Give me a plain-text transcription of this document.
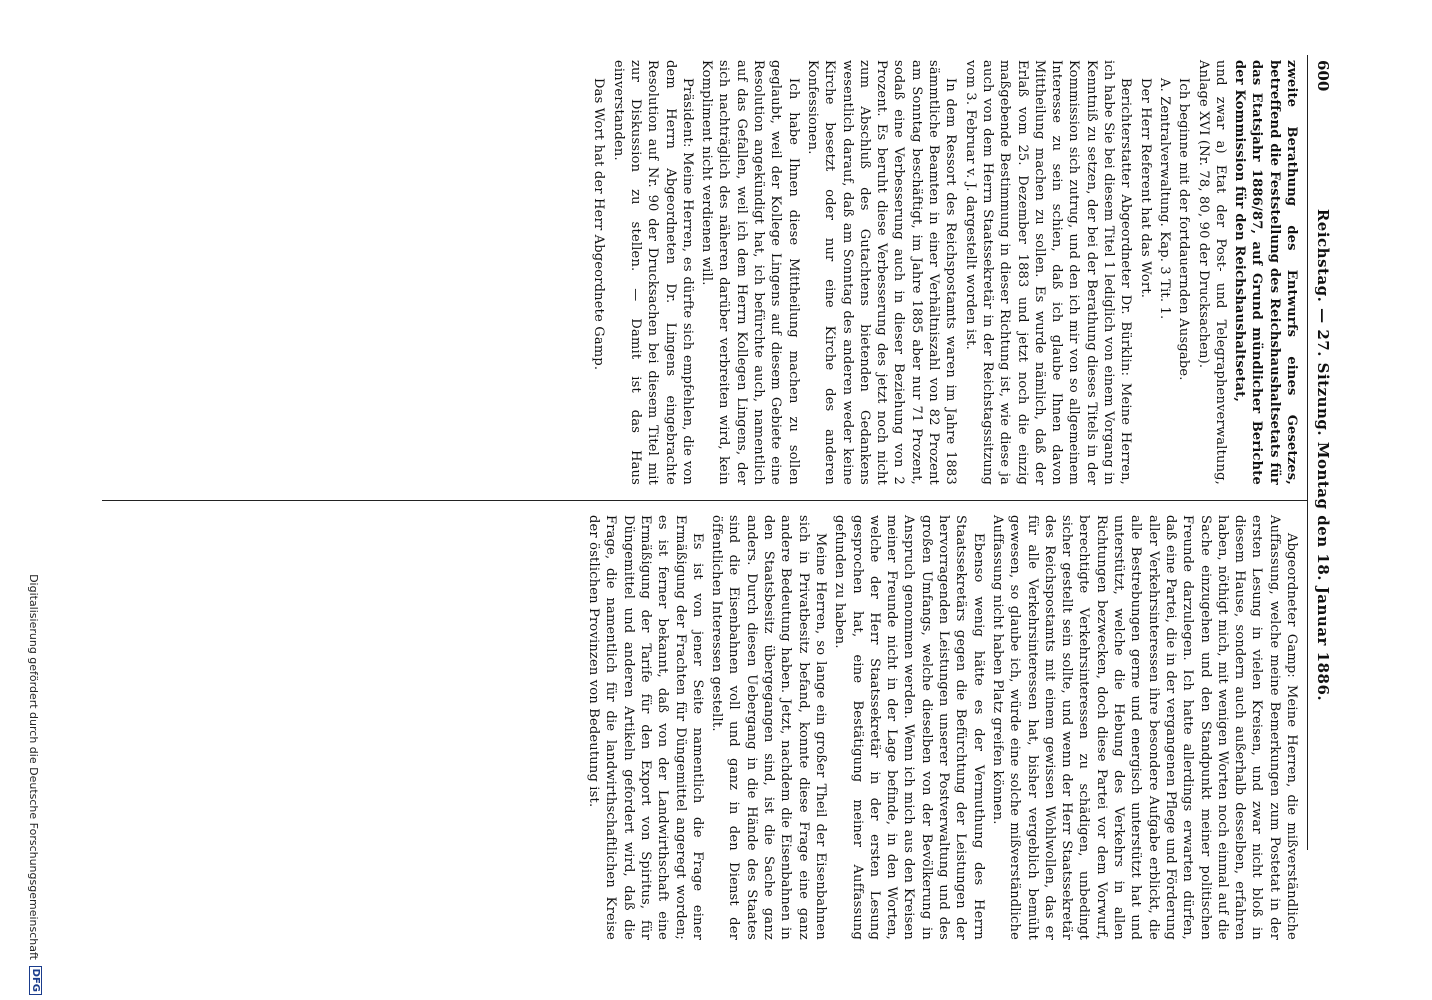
600
Reichstag. — 27. Sitzung. Montag den 18. Januar 1886.

zweite Berathung des Entwurfs eines Gesetzes, betreffend die Feststellung des Reichshaushaltsetats für das Etatsjahr 1886/87, auf Grund mündlicher Berichte der Kommission für den Reichshaushaltsetat,

und zwar a) Etat der Post- und Telegraphenverwaltung, Anlage XVI (Nr. 78, 80, 90 der Drucksachen).

Ich beginne mit der fortdauernden Ausgabe.

A. Zentralverwaltung. Kap. 3 Tit. 1.

Der Herr Referent hat das Wort.

Berichterstatter Abgeordneter Dr. Bürklin: Meine Herren, ich habe Sie bei diesem Titel 1 lediglich von einem Vorgang in Kenntniß zu setzen, der bei der Berathung dieses Titels in der Kommission sich zutrug, und den ich mir von so allgemeinem Interesse zu sein schien, daß ich glaube Ihnen davon Mittheilung machen zu sollen. Es wurde nämlich, daß der Erlaß vom 25. Dezember 1883 und jetzt noch die einzig maßgebende Bestimmung in dieser Richtung ist, wie diese ja auch von dem Herrn Staatssekretär in der Reichstagssitzung vom 3. Februar v. J. dargestellt worden ist.

In dem Ressort des Reichspostamts waren im Jahre 1883 sämmtliche Beamten in einer Verhältniszahl von 82 Prozent am Sonntag beschäftigt, im Jahre 1885 aber nur 71 Prozent, sodaß eine Verbesserung auch in dieser Beziehung von 2 Prozent. Es beruht diese Verbesserung des jetzt noch nicht zum Abschluß des Gutachtens bietenden Gedankens wesentlich darauf, daß am Sonntag des anderen weder keine Kirche besetzt oder nur eine Kirche des anderen Konfessionen.

Ich habe Ihnen diese Mittheilung machen zu sollen geglaubt, weil der Kollege Lingens auf diesem Gebiete eine Resolution angekündigt hat, ich befürchte auch, namentlich auf das Gefallen, weil ich dem Herrn Kollegen Lingens, der sich nachträglich des näheren darüber verbreiten wird, kein Kompliment nicht verdienen will.

Präsident: Meine Herren, es dürfte sich empfehlen, die von dem Herrn Abgeordneten Dr. Lingens eingebrachte Resolution auf Nr. 90 der Drucksachen bei diesem Titel mit zur Diskussion zu stellen. — Damit ist das Haus einverstanden.

Das Wort hat der Herr Abgeordnete Gamp.

Abgeordneter Gamp: Meine Herren, die mißverständliche Auffassung, welche meine Bemerkungen zum Postetat in der ersten Lesung in vielen Kreisen, und zwar nicht bloß in diesem Hause, sondern auch außerhalb desselben, erfahren haben, nöthigt mich, mit wenigen Worten noch einmal auf die Sache einzugehen und den Standpunkt meiner politischen Freunde darzulegen. Ich hatte allerdings erwarten dürfen, daß eine Partei, die in der vergangenen Pflege und Förderung aller Verkehrsinteressen ihre besondere Aufgabe erblickt, die alle Bestrebungen gerne und energisch unterstützt hat und unterstützt, welche die Hebung des Verkehrs in allen Richtungen bezwecken, doch diese Partei vor dem Vorwurf, berechtigte Verkehrsinteressen zu schädigen, unbedingt sicher gestellt sein sollte, und wenn der Herr Staatssekretär des Reichspostamts mit einem gewissen Wohlwollen, das er für alle Verkehrsinteressen hat, bisher vergeblich bemüht gewesen, so glaube ich, würde eine solche mißverständliche Auffassung nicht haben Platz greifen können.

Ebenso wenig hätte es der Vermuthung des Herrn Staatssekretärs gegen die Befürchtung der Leistungen der hervorragenden Leistungen unserer Postverwaltung und des großen Umfangs, welche dieselben von der Bevölkerung in Anspruch genommen werden. Wenn ich mich aus den Kreisen meiner Freunde nicht in der Lage befinde, in den Worten, welche der Herr Staatssekretär in der ersten Lesung gesprochen hat, eine Bestätigung meiner Auffassung gefunden zu haben.

Meine Herren, so lange ein großer Theil der Eisenbahnen sich in Privatbesitz befand, konnte diese Frage eine ganz andere Bedeutung haben. Jetzt, nachdem die Eisenbahnen in den Staatsbesitz übergegangen sind, ist die Sache ganz anders. Durch diesen Uebergang in die Hände des Staates sind die Eisenbahnen voll und ganz in den Dienst der öffentlichen Interessen gestellt.

Es ist von jener Seite namentlich die Frage einer Ermäßigung der Frachten für Düngemittel angeregt worden; es ist ferner bekannt, daß von der Landwirthschaft eine Ermäßigung der Tarife für den Export von Spiritus, für Düngemittel und anderen Artikeln gefordert wird, daß die Frage, die namentlich für die landwirthschaftlichen Kreise der östlichen Provinzen von Bedeutung ist.

Digitalisierung gefördert durch die Deutsche Forschungsgemeinschaft
DFG
